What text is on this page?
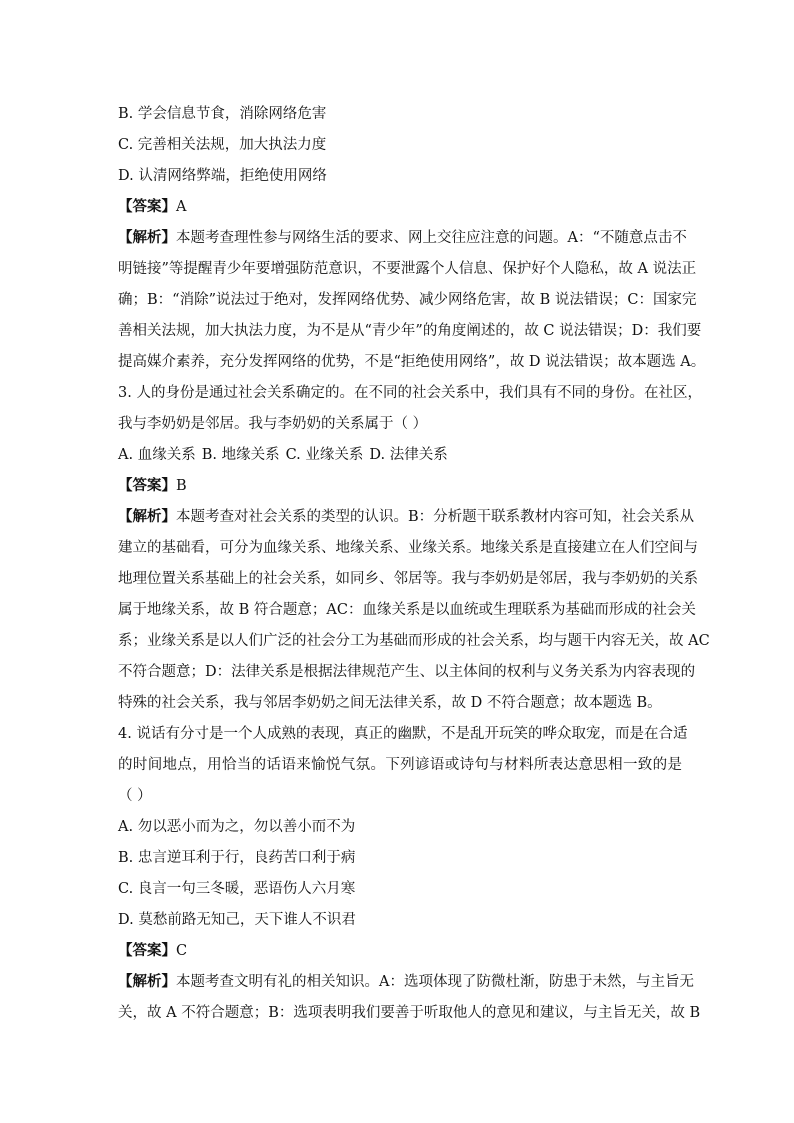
B. 学会信息节食，消除网络危害
C. 完善相关法规，加大执法力度
D. 认清网络弊端，拒绝使用网络
【答案】A
【解析】本题考查理性参与网络生活的要求、网上交往应注意的问题。A：“不随意点击不
明链接”等提醒青少年要增强防范意识，不要泄露个人信息、保护好个人隐私，故 A 说法正
确；B：“消除”说法过于绝对，发挥网络优势、减少网络危害，故 B 说法错误；C：国家完
善相关法规，加大执法力度，为不是从“青少年”的角度阐述的，故 C 说法错误；D：我们要
提高媒介素养，充分发挥网络的优势，不是“拒绝使用网络”，故 D 说法错误；故本题选 A。
3. 人的身份是通过社会关系确定的。在不同的社会关系中，我们具有不同的身份。在社区，
我与李奶奶是邻居。我与李奶奶的关系属于（ ）
A. 血缘关系 B. 地缘关系 C. 业缘关系 D. 法律关系
【答案】B
【解析】本题考查对社会关系的类型的认识。B：分析题干联系教材内容可知，社会关系从
建立的基础看，可分为血缘关系、地缘关系、业缘关系。地缘关系是直接建立在人们空间与
地理位置关系基础上的社会关系，如同乡、邻居等。我与李奶奶是邻居，我与李奶奶的关系
属于地缘关系，故 B 符合题意；AC：血缘关系是以血统或生理联系为基础而形成的社会关
系；业缘关系是以人们广泛的社会分工为基础而形成的社会关系，均与题干内容无关，故 AC
不符合题意；D：法律关系是根据法律规范产生、以主体间的权利与义务关系为内容表现的
特殊的社会关系，我与邻居李奶奶之间无法律关系，故 D 不符合题意；故本题选 B。
4. 说话有分寸是一个人成熟的表现，真正的幽默，不是乱开玩笑的哗众取宠，而是在合适
的时间地点，用恰当的话语来愉悦气氛。下列谚语或诗句与材料所表达意思相一致的是
（ ）
A. 勿以恶小而为之，勿以善小而不为
B. 忠言逆耳利于行，良药苦口利于病
C. 良言一句三冬暖，恶语伤人六月寒
D. 莫愁前路无知己，天下谁人不识君
【答案】C
【解析】本题考查文明有礼的相关知识。A：选项体现了防微杜渐，防患于未然，与主旨无
关，故 A 不符合题意；B：选项表明我们要善于听取他人的意见和建议，与主旨无关，故 B
